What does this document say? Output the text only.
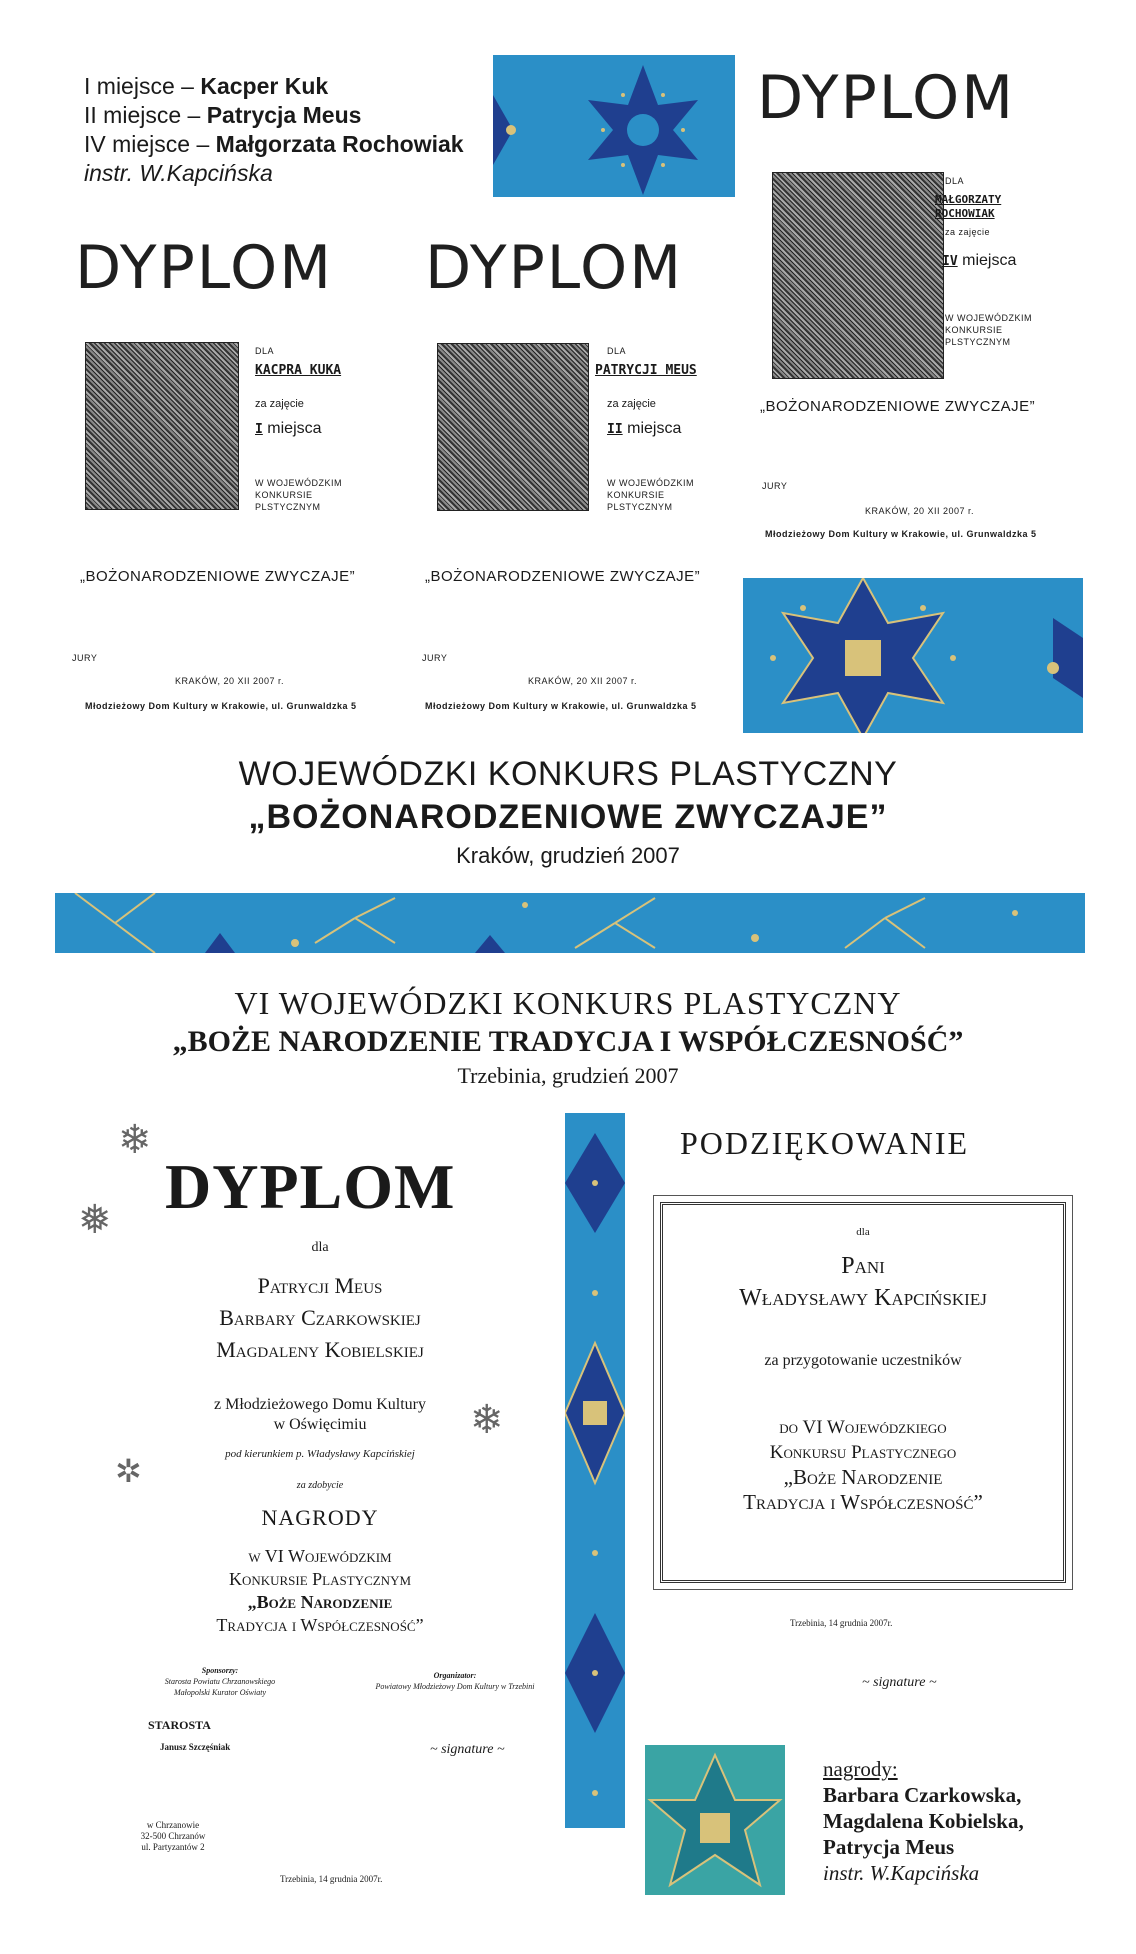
I miejsce – Kacper Kuk
II miejsce – Patrycja Meus
IV miejsce – Małgorzata Rochowiak
instr. W.Kapcińska
DYPLOM
DLA
KACPRA KUKA
za zajęcie
I miejsca
W WOJEWÓDZKIM
KONKURSIE
PLSTYCZNYM
„BOŻONARODZENIOWE ZWYCZAJE”
JURY
KRAKÓW, 20 XII 2007 r.
Młodzieżowy Dom Kultury w Krakowie, ul. Grunwaldzka 5
DYPLOM
DLA
PATRYCJI MEUS
za zajęcie
II miejsca
W WOJEWÓDZKIM
KONKURSIE
PLSTYCZNYM
„BOŻONARODZENIOWE ZWYCZAJE”
JURY
KRAKÓW, 20 XII 2007 r.
Młodzieżowy Dom Kultury w Krakowie, ul. Grunwaldzka 5
DYPLOM
DLA
MAŁGORZATY ROCHOWIAK
za zajęcie
IV miejsca
W WOJEWÓDZKIM
KONKURSIE
PLSTYCZNYM
„BOŻONARODZENIOWE ZWYCZAJE”
JURY
KRAKÓW, 20 XII 2007 r.
Młodzieżowy Dom Kultury w Krakowie, ul. Grunwaldzka 5
WOJEWÓDZKI KONKURS PLASTYCZNY
„BOŻONARODZENIOWE ZWYCZAJE”
Kraków, grudzień 2007
VI WOJEWÓDZKI KONKURS PLASTYCZNY
„BOŻE NARODZENIE TRADYCJA I WSPÓŁCZESNOŚĆ”
Trzebinia, grudzień 2007
❄
❅
❄
✲
DYPLOM
dla
Patrycji Meus
Barbary Czarkowskiej
Magdaleny Kobielskiej
z Młodzieżowego Domu Kultury
w Oświęcimiu
pod kierunkiem p. Władysławy Kapcińskiej
za zdobycie
NAGRODY
w VI Wojewódzkim
Konkursie Plastycznym
„Boże Narodzenie
Tradycja i Współczesność”
Sponsorzy:
Starosta Powiatu Chrzanowskiego
Małopolski Kurator Oświaty
STAROSTA
Janusz Szczęśniak
Organizator:
Powiatowy Młodzieżowy Dom Kultury w Trzebini
~ signature ~
w Chrzanowie
32-500 Chrzanów
ul. Partyzantów 2
Trzebinia, 14 grudnia 2007r.
PODZIĘKOWANIE
dla
Pani
Władysławy Kapcińskiej
za przygotowanie uczestników
do VI Wojewódzkiego
Konkursu Plastycznego
„Boże Narodzenie
Tradycja i Współczesność”
Trzebinia, 14 grudnia 2007r.
~ signature ~
nagrody:
Barbara Czarkowska,
Magdalena Kobielska,
Patrycja Meus
instr. W.Kapcińska
